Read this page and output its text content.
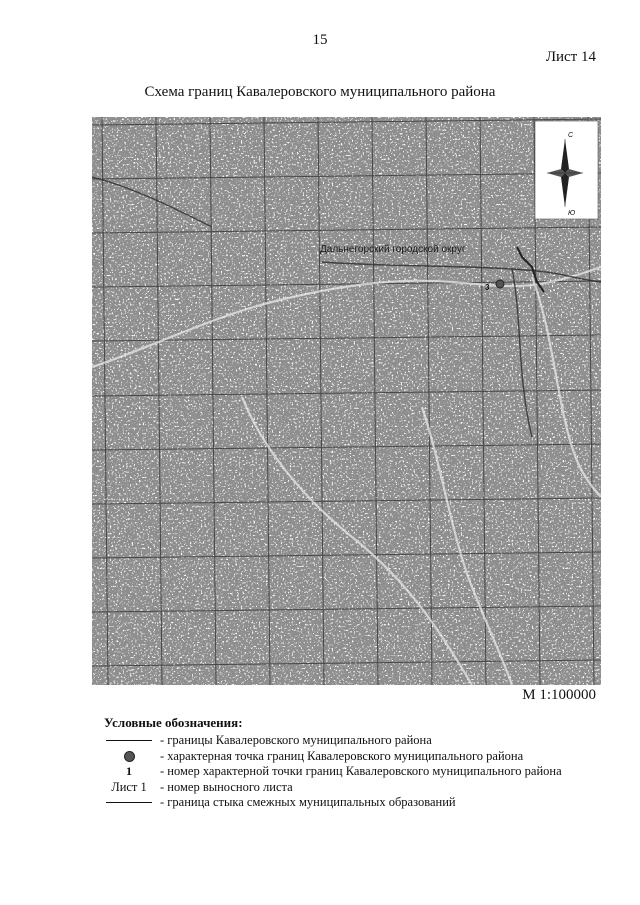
15
Лист 14
Схема границ Кавалеровского муниципального района
3
Дальнегорский городской округ
С
Ю
М 1:100000
Условные обозначения:
- границы Кавалеровского муниципального района
- характерная точка границ Кавалеровского муниципального района
1	- номер характерной точки границ Кавалеровского муниципального района
Лист 1	- номер выносного листа
- граница стыка смежных муниципальных образований
